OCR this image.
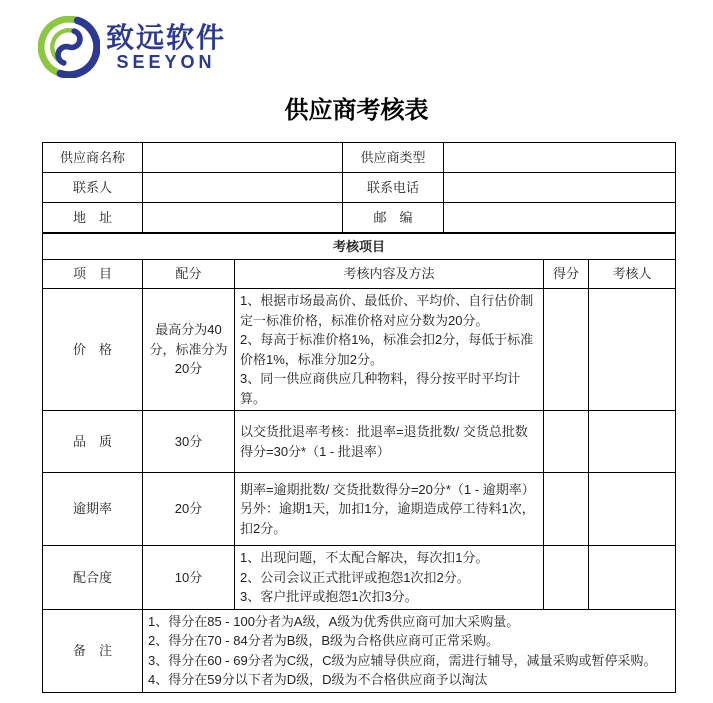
致远软件
SEEYON
供应商考核表
供应商名称		供应商类型	
联系人		联系电话	
地　址		邮　编	
考核项目				
项　目	配分	考核内容及方法	得分	考核人
价　格	最高分为40分，标准分为20分	1、根据市场最高价、最低价、平均价、自行估价制定一标准价格，标准价格对应分数为20分。
2、每高于标准价格1%，标准会扣2分，每低于标准价格1%，标准分加2分。
3、同一供应商供应几种物料，得分按平时平均计算。		

品　质	30分	以交货批退率考核：批退率=退货批数/ 交货总批数
得分=30分*（1 - 批退率）		

逾期率	20分	期率=逾期批数/ 交货批数得分=20分*（1 - 逾期率）
另外：逾期1天，加扣1分，逾期造成停工待料1次，扣2分。		

配合度	10分	1、出现问题，不太配合解决，每次扣1分。
2、公司会议正式批评或抱怨1次扣2分。
3、客户批评或抱怨1次扣3分。		

备　注	1、得分在85 - 100分者为A级，A级为优秀供应商可加大采购量。
2、得分在70 - 84分者为B级，B级为合格供应商可正常采购。
3、得分在60 - 69分者为C级，C级为应辅导供应商，需进行辅导，减量采购或暂停采购。
4、得分在59分以下者为D级，D级为不合格供应商予以淘汰			
